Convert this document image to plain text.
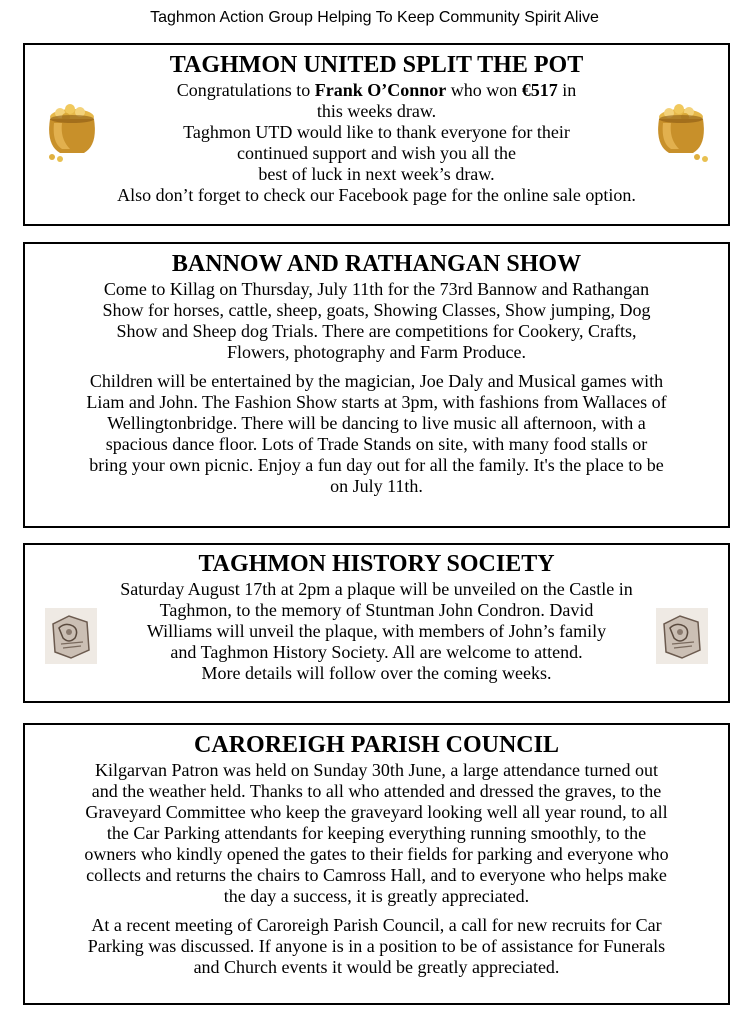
Taghmon Action Group Helping To Keep Community Spirit Alive
TAGHMON UNITED SPLIT THE POT

Congratulations to Frank O’Connor who won €517 in
this weeks draw.
Taghmon UTD would like to thank everyone for their
continued support and wish you all the
best of luck in next week’s draw.
Also don’t forget to check our Facebook page for the online sale option.

BANNOW AND RATHANGAN SHOW

Come to Killag on Thursday, July 11th for the 73rd Bannow and Rathangan
Show for horses, cattle, sheep, goats, Showing Classes, Show jumping, Dog
Show and Sheep dog Trials. There are competitions for Cookery, Crafts,
Flowers, photography and Farm Produce.

Children will be entertained by the magician, Joe Daly and Musical games with
Liam and John. The Fashion Show starts at 3pm, with fashions from Wallaces of
Wellingtonbridge. There will be dancing to live music all afternoon, with a
spacious dance floor. Lots of Trade Stands on site, with many food stalls or
bring your own picnic. Enjoy a fun day out for all the family. It's the place to be
on July 11th.

TAGHMON HISTORY SOCIETY

Saturday August 17th at 2pm a plaque will be unveiled on the Castle in
Taghmon, to the memory of Stuntman John Condron. David
Williams will unveil the plaque, with members of John’s family
and Taghmon History Society. All are welcome to attend.
More details will follow over the coming weeks.

CAROREIGH PARISH COUNCIL

Kilgarvan Patron was held on Sunday 30th June, a large attendance turned out
and the weather held. Thanks to all who attended and dressed the graves, to the
Graveyard Committee who keep the graveyard looking well all year round, to all
the Car Parking attendants for keeping everything running smoothly, to the
owners who kindly opened the gates to their fields for parking and everyone who
collects and returns the chairs to Camross Hall, and to everyone who helps make
the day a success, it is greatly appreciated.

At a recent meeting of Caroreigh Parish Council, a call for new recruits for Car
Parking was discussed. If anyone is in a position to be of assistance for Funerals
and Church events it would be greatly appreciated.
